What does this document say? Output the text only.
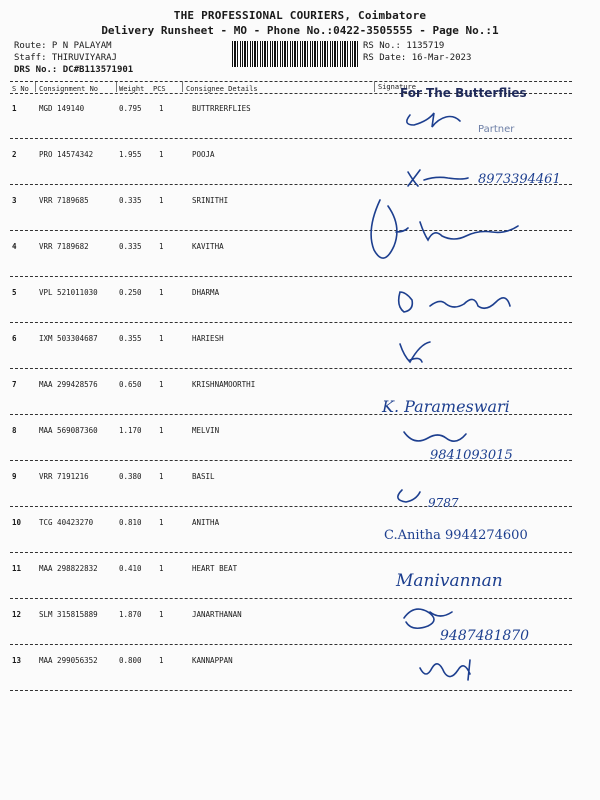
THE PROFESSIONAL COURIERS, Coimbatore
Delivery Runsheet - MO - Phone No.:0422-3505555 - Page No.:1
Route: P N PALAYAM
Staff: THIRUVIYARAJ
DRS No.: DC#B113571901
RS No.: 1135719
RS Date: 16-Mar-2023
S No Consignment No	Weight PCS	Consignee Details	Signature
1	MGD 149140	0.795 1	BUTTRRERFLIES
2	PRO 14574342	1.955 1	POOJA
3	VRR 7189685	0.335 1	SRINITHI
4	VRR 7189682	0.335 1	KAVITHA
5	VPL 521011030	0.250 1	DHARMA
6	IXM 503304687	0.355 1	HARIESH
7	MAA 299428576	0.650 1	KRISHNAMOORTHI
8	MAA 569087360	1.170 1	MELVIN
9	VRR 7191216	0.380 1	BASIL
10 TCG 40423270	0.810 1	ANITHA
11 MAA 298822832	0.410 1	HEART BEAT
12 SLM 315815889	1.870 1	JANARTHANAN
13 MAA 299056352	0.800 1	KANNAPPAN
For The Butterflies
Partner
8973394461
K. Parameswari
9841093015
9787
C.Anitha 9944274600
Manivannan
9487481870
